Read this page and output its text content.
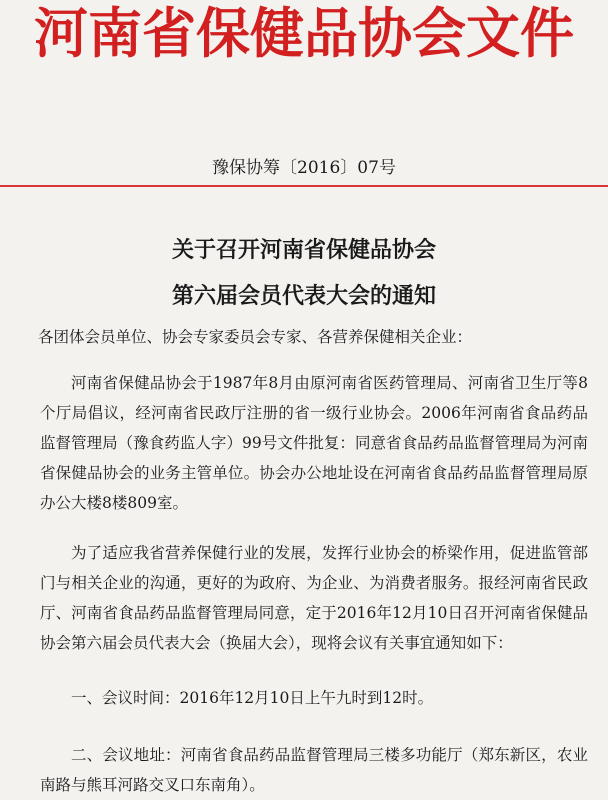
河南省保健品协会文件
豫保协筹〔2016〕07号
关于召开河南省保健品协会
第六届会员代表大会的通知
各团体会员单位、协会专家委员会专家、各营养保健相关企业：
河南省保健品协会于1987年8月由原河南省医药管理局、河南省卫生厅等8个厅局倡议，经河南省民政厅注册的省一级行业协会。2006年河南省食品药品监督管理局（豫食药监人字）99号文件批复：同意省食品药品监督管理局为河南省保健品协会的业务主管单位。协会办公地址设在河南省食品药品监督管理局原办公大楼8楼809室。
为了适应我省营养保健行业的发展，发挥行业协会的桥梁作用，促进监管部门与相关企业的沟通，更好的为政府、为企业、为消费者服务。报经河南省民政厅、河南省食品药品监督管理局同意，定于2016年12月10日召开河南省保健品协会第六届会员代表大会（换届大会），现将会议有关事宜通知如下：
一、会议时间：2016年12月10日上午九时到12时。
二、会议地址：河南省食品药品监督管理局三楼多功能厅（郑东新区，农业南路与熊耳河路交叉口东南角）。
